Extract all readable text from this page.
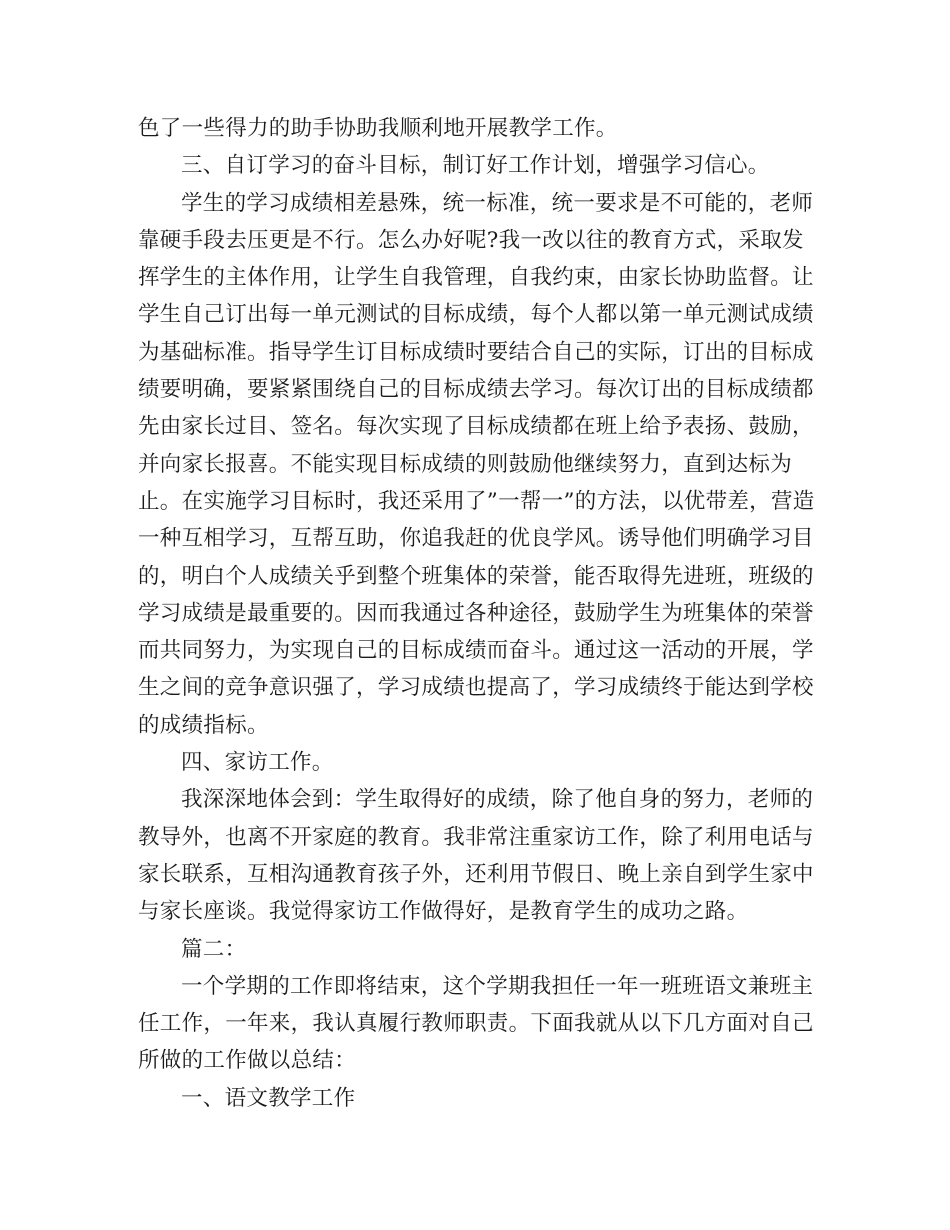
色了一些得力的助手协助我顺利地开展教学工作。

三、自订学习的奋斗目标，制订好工作计划，增强学习信心。

学生的学习成绩相差悬殊，统一标准，统一要求是不可能的，老师靠硬手段去压更是不行。怎么办好呢?我一改以往的教育方式，采取发挥学生的主体作用，让学生自我管理，自我约束，由家长协助监督。让学生自己订出每一单元测试的目标成绩，每个人都以第一单元测试成绩为基础标准。指导学生订目标成绩时要结合自己的实际，订出的目标成绩要明确，要紧紧围绕自己的目标成绩去学习。每次订出的目标成绩都先由家长过目、签名。每次实现了目标成绩都在班上给予表扬、鼓励，并向家长报喜。不能实现目标成绩的则鼓励他继续努力，直到达标为止。在实施学习目标时，我还采用了”一帮一”的方法，以优带差，营造一种互相学习，互帮互助，你追我赶的优良学风。诱导他们明确学习目的，明白个人成绩关乎到整个班集体的荣誉，能否取得先进班，班级的学习成绩是最重要的。因而我通过各种途径，鼓励学生为班集体的荣誉而共同努力，为实现自己的目标成绩而奋斗。通过这一活动的开展，学生之间的竞争意识强了，学习成绩也提高了，学习成绩终于能达到学校的成绩指标。

四、家访工作。

我深深地体会到：学生取得好的成绩，除了他自身的努力，老师的教导外，也离不开家庭的教育。我非常注重家访工作，除了利用电话与家长联系，互相沟通教育孩子外，还利用节假日、晚上亲自到学生家中与家长座谈。我觉得家访工作做得好，是教育学生的成功之路。

篇二：

一个学期的工作即将结束，这个学期我担任一年一班班语文兼班主任工作，一年来，我认真履行教师职责。下面我就从以下几方面对自己所做的工作做以总结：

一、语文教学工作
